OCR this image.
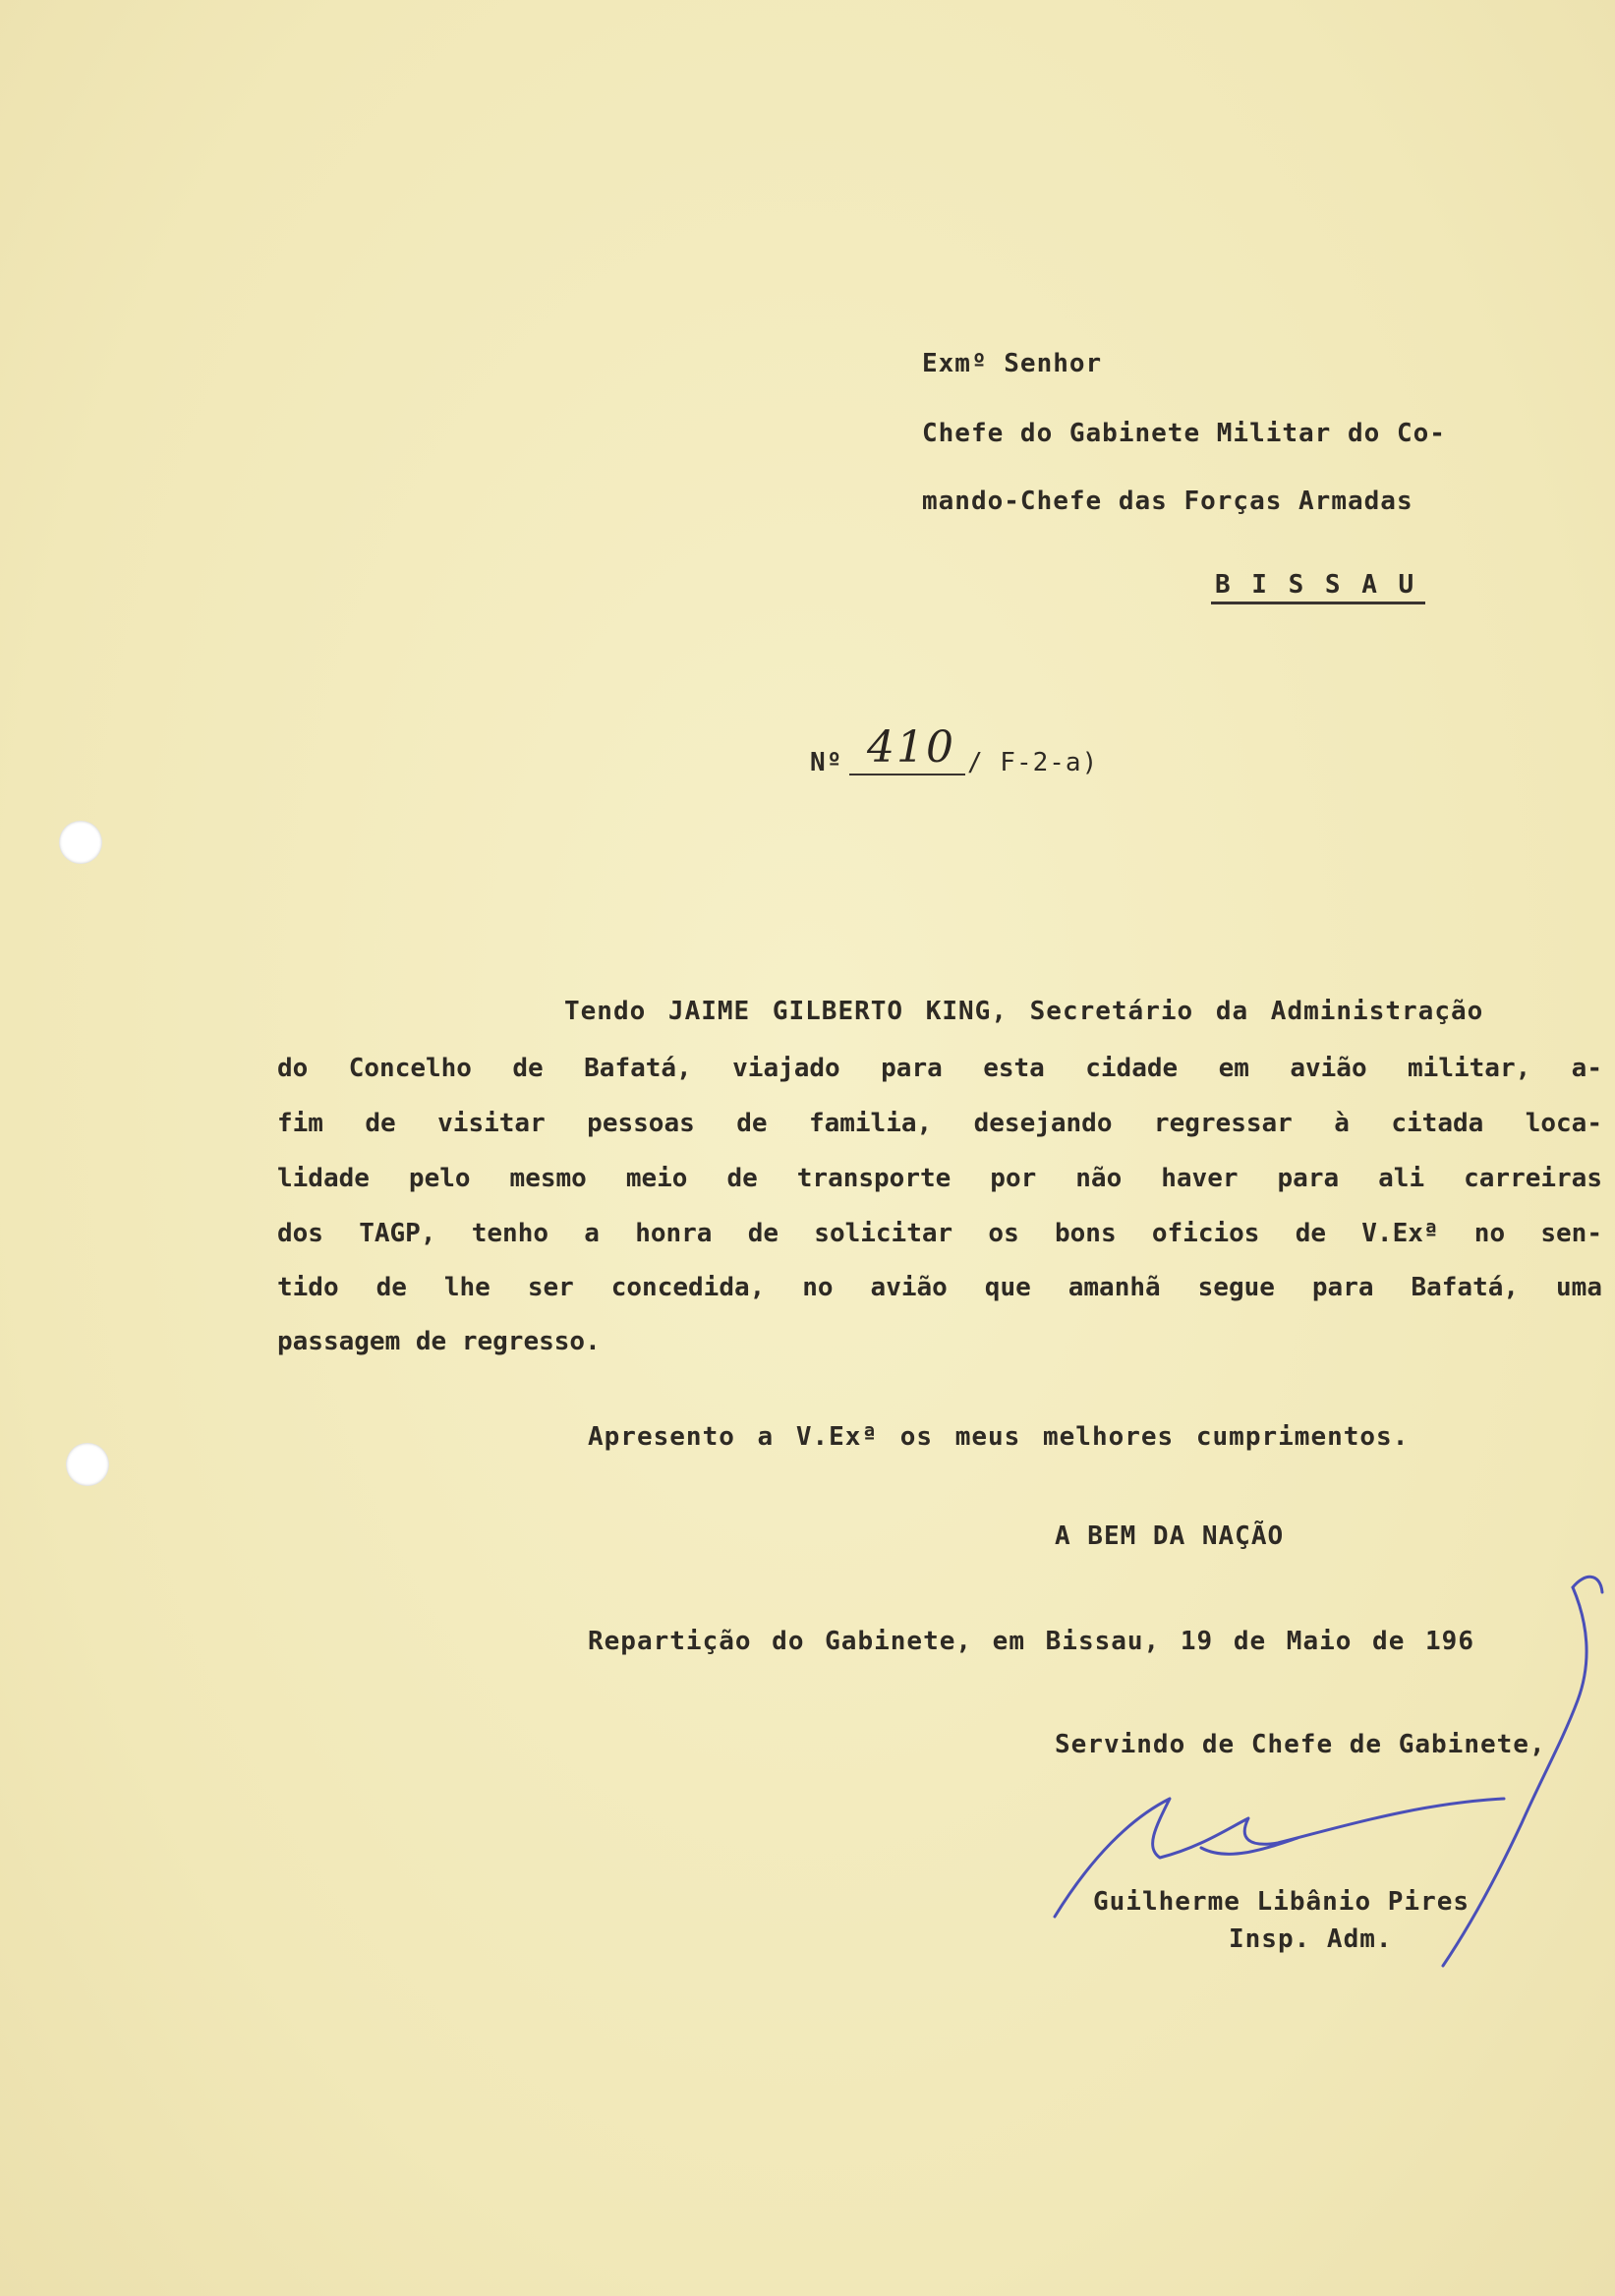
Exmº Senhor
Chefe do Gabinete Militar do Co-
mando-Chefe das Forças Armadas
B I S S A U
Nº 410 / F-2-a)
Tendo JAIME GILBERTO KING, Secretário da Administração
do Concelho de Bafatá, viajado para esta cidade em avião militar, a-
fim de visitar pessoas de familia, desejando regressar à citada loca-
lidade pelo mesmo meio de transporte por não haver para ali carreiras
dos TAGP, tenho a honra de solicitar os bons oficios de V.Exª no sen-
tido de lhe ser concedida, no avião que amanhã segue para Bafatá, uma
passagem de regresso.
Apresento a V.Exª os meus melhores cumprimentos.
A BEM DA NAÇÃO
Repartição do Gabinete, em Bissau, 19 de Maio de 196
Servindo de Chefe de Gabinete,
Guilherme Libânio Pires
Insp. Adm.
